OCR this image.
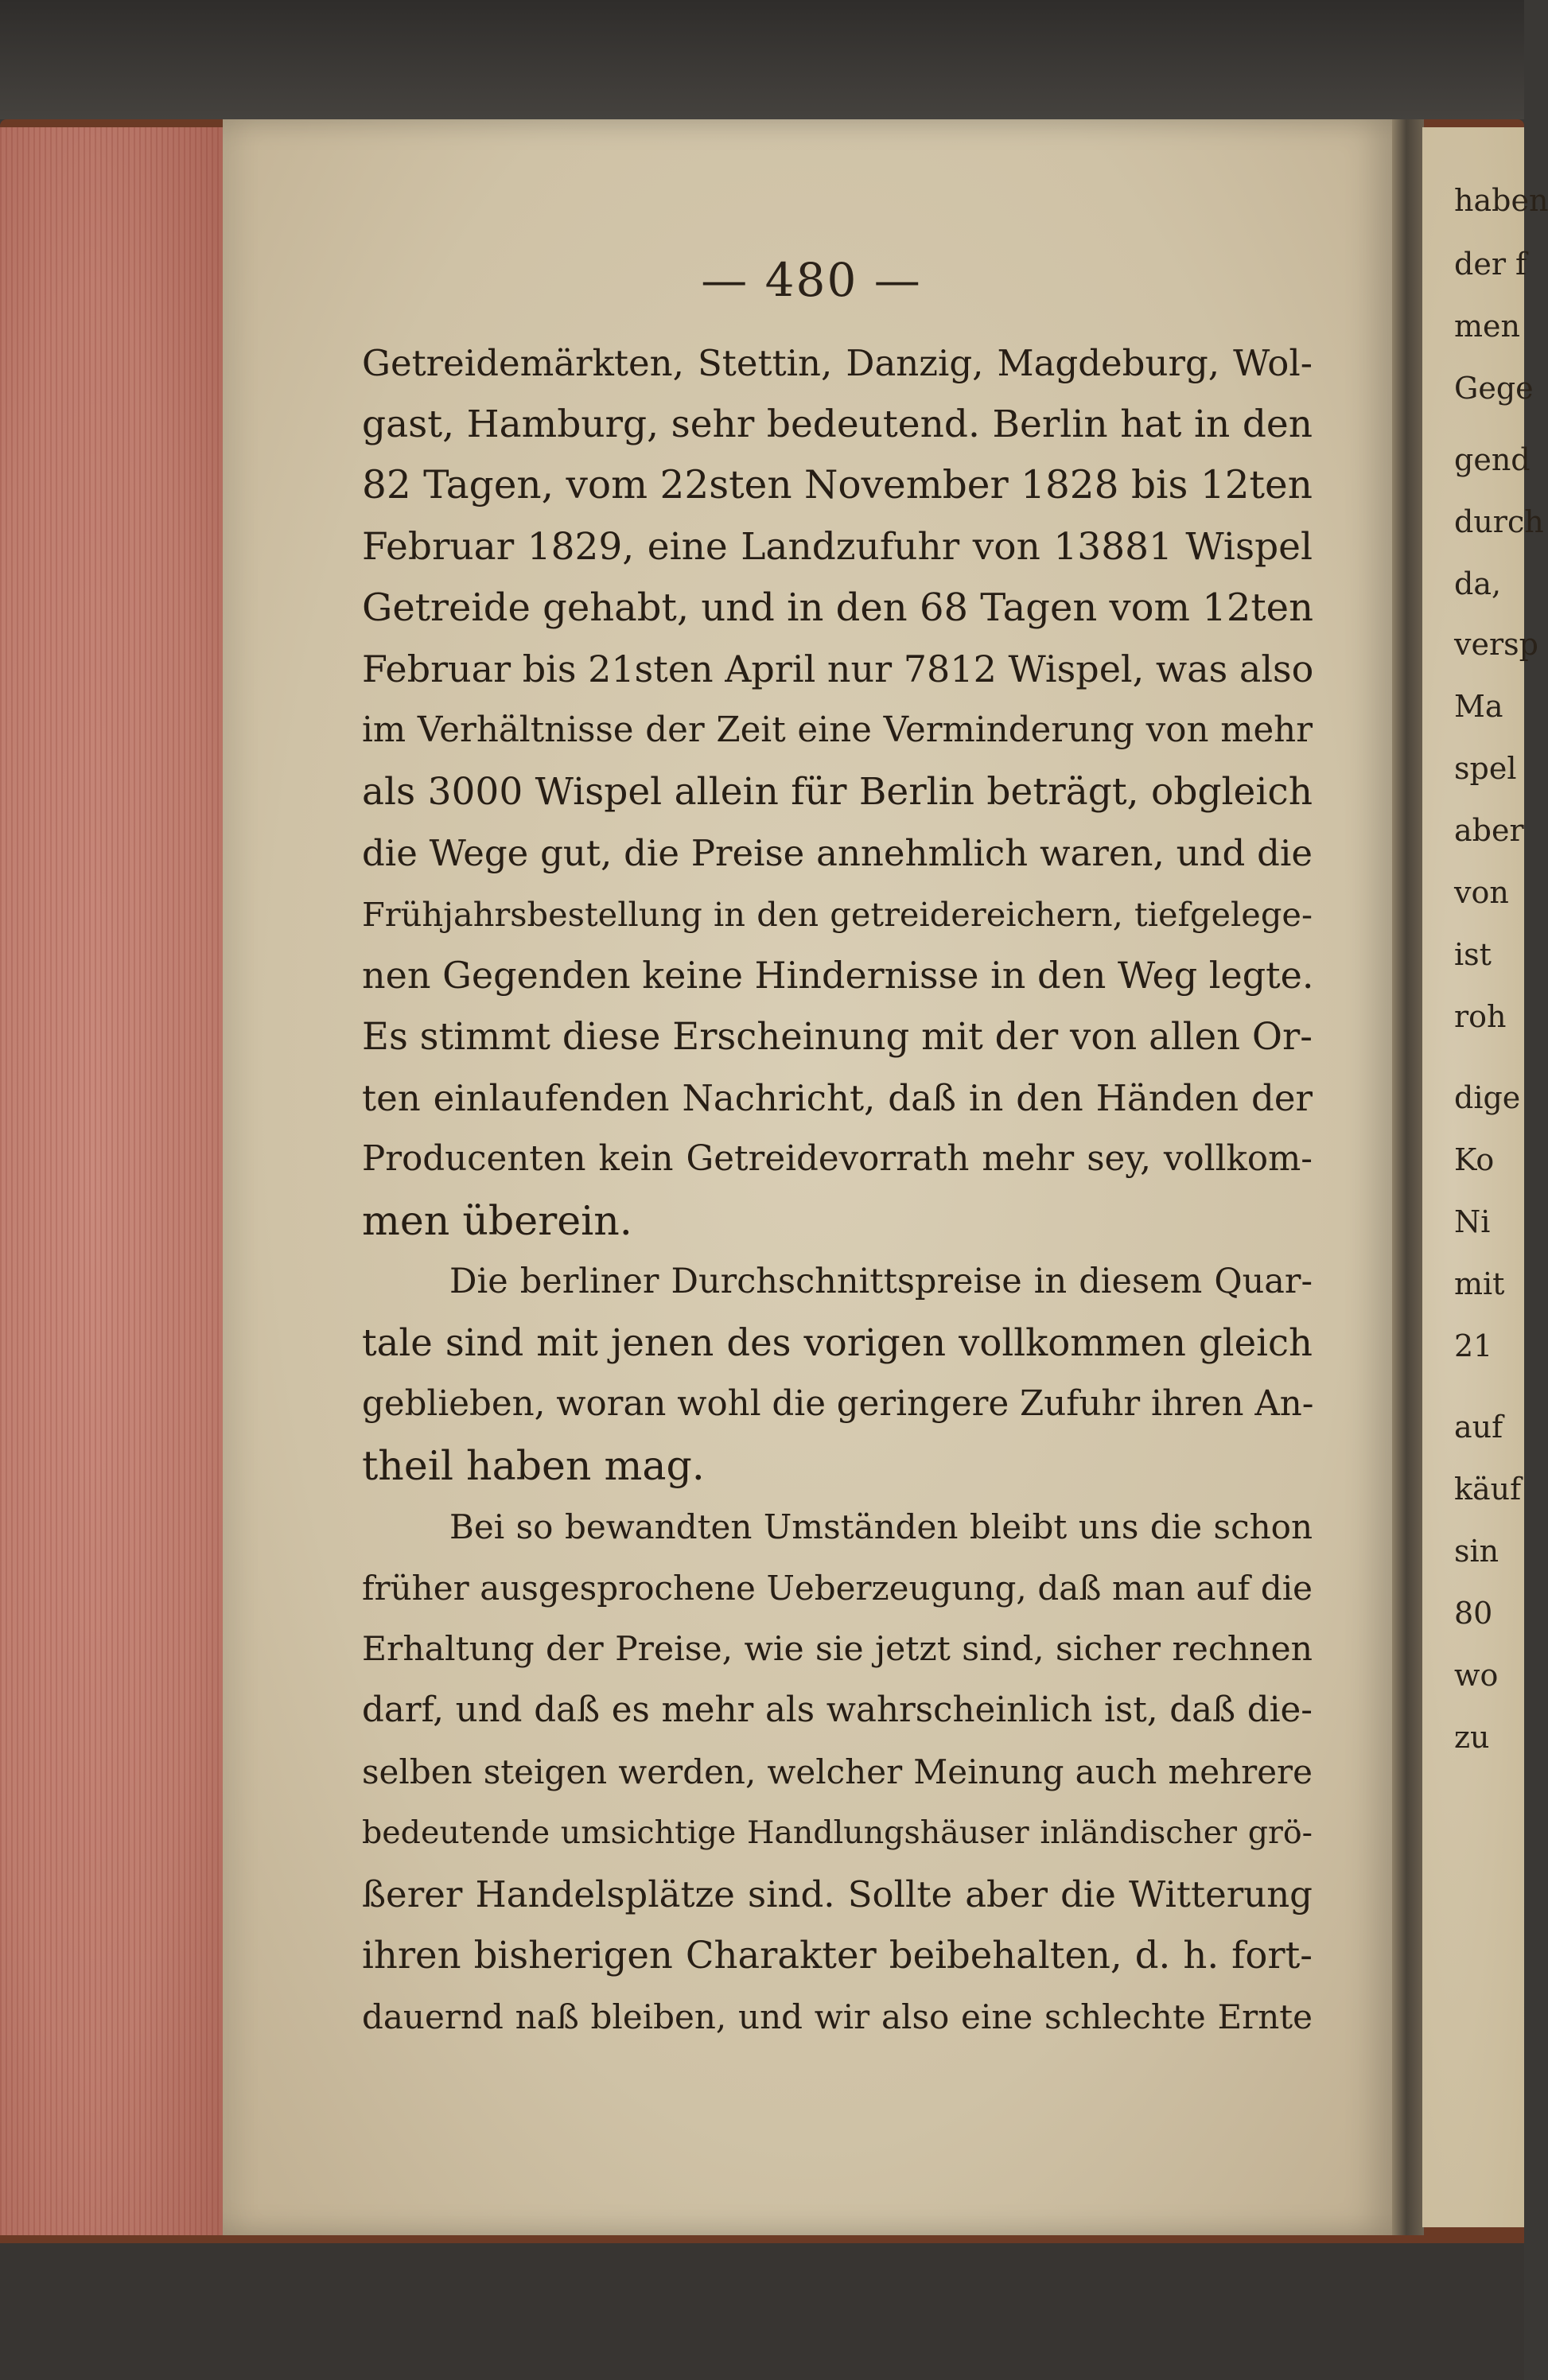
haben
der f
men
Gege
gend
durch
da,
versp
Ma
spel
aber
von
ist
roh
dige
Ko
Ni
mit
21
auf
käuf
sin
80
wo
zu
— 480 —
Getreidemärkten, Stettin, Danzig, Magdeburg, Wol-
gast, Hamburg, sehr bedeutend. Berlin hat in den
82 Tagen, vom 22sten November 1828 bis 12ten
Februar 1829, eine Landzufuhr von 13881 Wispel
Getreide gehabt, und in den 68 Tagen vom 12ten
Februar bis 21sten April nur 7812 Wispel, was also
im Verhältnisse der Zeit eine Verminderung von mehr
als 3000 Wispel allein für Berlin beträgt, obgleich
die Wege gut, die Preise annehmlich waren, und die
Frühjahrsbestellung in den getreidereichern, tiefgelege-
nen Gegenden keine Hindernisse in den Weg legte.
Es stimmt diese Erscheinung mit der von allen Or-
ten einlaufenden Nachricht, daß in den Händen der
Producenten kein Getreidevorrath mehr sey, vollkom-
men überein.
Die berliner Durchschnittspreise in diesem Quar-
tale sind mit jenen des vorigen vollkommen gleich
geblieben, woran wohl die geringere Zufuhr ihren An-
theil haben mag.
Bei so bewandten Umständen bleibt uns die schon
früher ausgesprochene Ueberzeugung, daß man auf die
Erhaltung der Preise, wie sie jetzt sind, sicher rechnen
darf, und daß es mehr als wahrscheinlich ist, daß die-
selben steigen werden, welcher Meinung auch mehrere
bedeutende umsichtige Handlungshäuser inländischer grö-
ßerer Handelsplätze sind. Sollte aber die Witterung
ihren bisherigen Charakter beibehalten, d. h. fort-
dauernd naß bleiben, und wir also eine schlechte Ernte
